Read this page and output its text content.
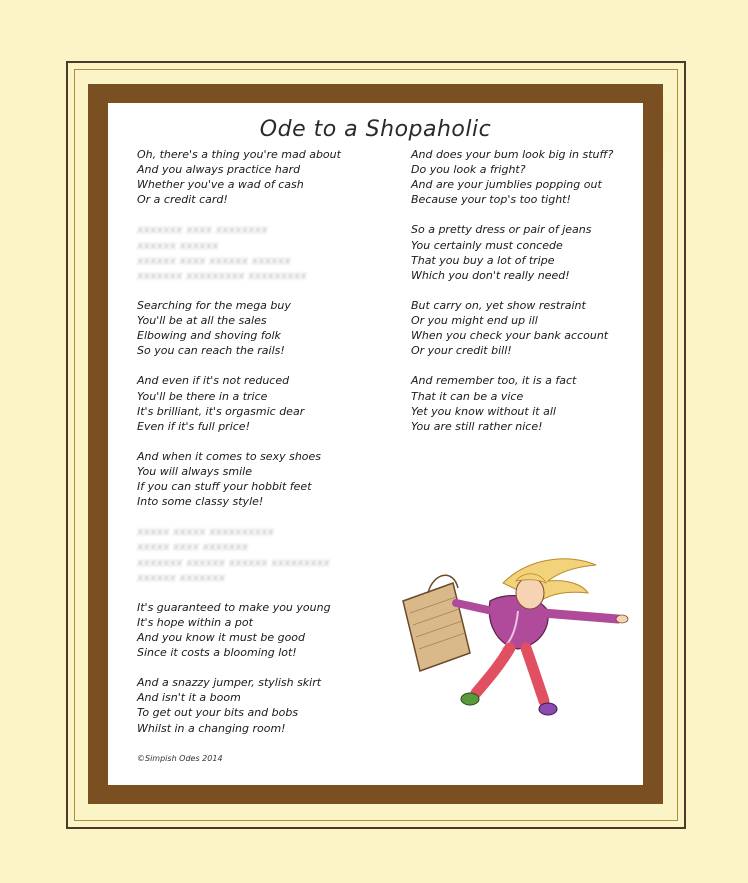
Ode to a Shopaholic
Oh, there's a thing you're mad about
And you always practice hard
Whether you've a wad of cash
Or a credit card!
xxxxxxx xxxx xxxxxxxx
xxxxxx xxxxxx
xxxxxx xxxx xxxxxx xxxxxx
xxxxxxx xxxxxxxxx xxxxxxxxx
Searching for the mega buy
You'll be at all the sales
Elbowing and shoving folk
So you can reach the rails!
And even if it's not reduced
You'll be there in a trice
It's brilliant, it's orgasmic dear
Even if it's full price!
And when it comes to sexy shoes
You will always smile
If you can stuff your hobbit feet
Into some classy style!
xxxxx xxxxx xxxxxxxxxx
xxxxx xxxx xxxxxxx
xxxxxxx xxxxxx xxxxxx xxxxxxxxx
xxxxxx xxxxxxx
It's guaranteed to make you young
It's hope within a pot
And you know it must be good
Since it costs a blooming lot!
And a snazzy jumper, stylish skirt
And isn't it a boom
To get out your bits and bobs
Whilst in a changing room!
And does your bum look big in stuff?
Do you look a fright?
And are your jumblies popping out
Because your top's too tight!
So a pretty dress or pair of jeans
You certainly must concede
That you buy a lot of tripe
Which you don't really need!
But carry on, yet show restraint
Or you might end up ill
When you check your bank account
Or your credit bill!
And remember too, it is a fact
That it can be a vice
Yet you know without it all
You are still rather nice!
©Simpish Odes 2014
